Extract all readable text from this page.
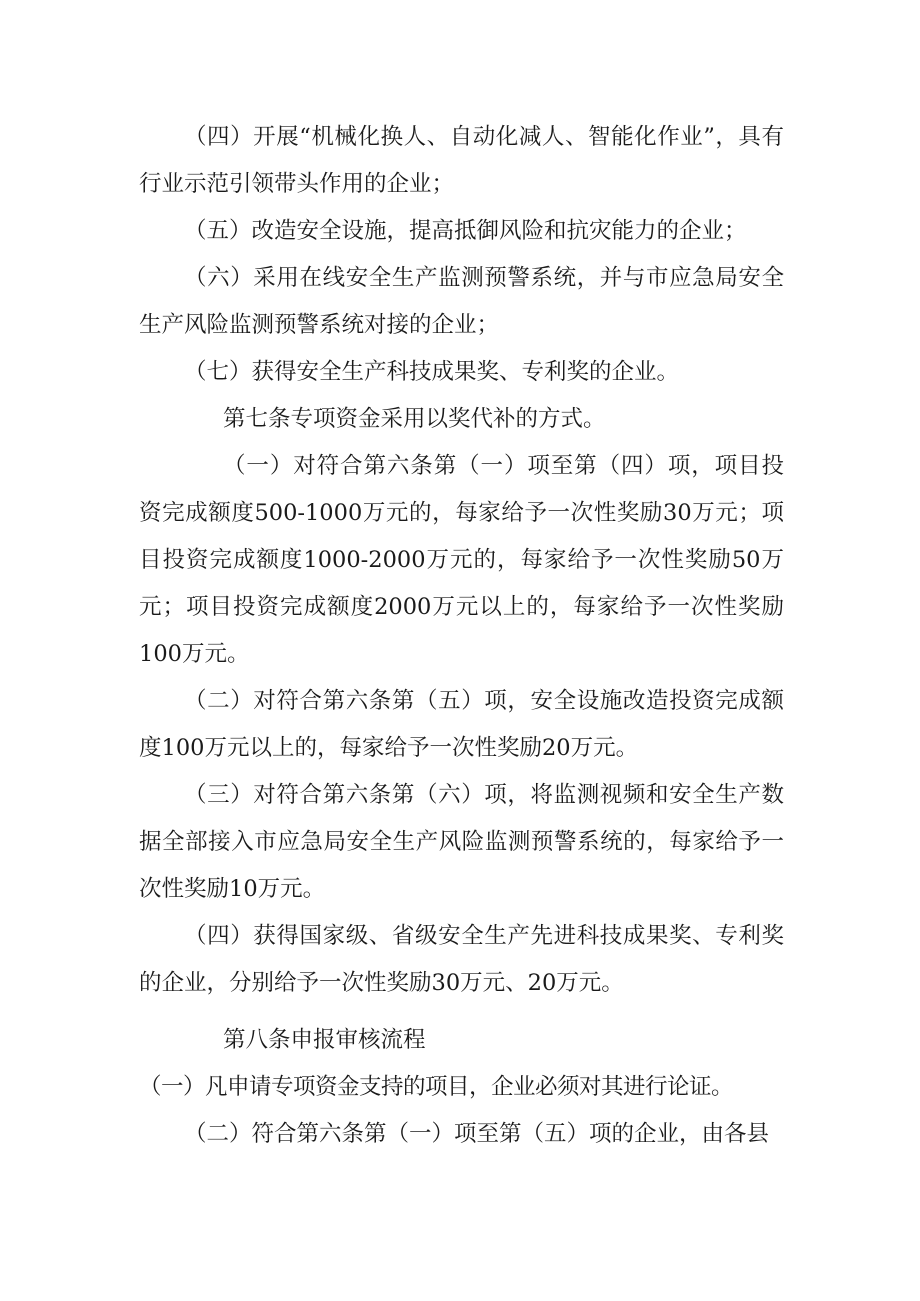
（四）开展“机械化换人、自动化减人、智能化作业”，具有行业示范引领带头作用的企业；

（五）改造安全设施，提高抵御风险和抗灾能力的企业；

（六）采用在线安全生产监测预警系统，并与市应急局安全生产风险监测预警系统对接的企业；

（七）获得安全生产科技成果奖、专利奖的企业。

第七条专项资金采用以奖代补的方式。

（一）对符合第六条第（一）项至第（四）项，项目投资完成额度500-1000万元的，每家给予一次性奖励30万元；项目投资完成额度1000-2000万元的，每家给予一次性奖励50万元；项目投资完成额度2000万元以上的，每家给予一次性奖励100万元。

（二）对符合第六条第（五）项，安全设施改造投资完成额度100万元以上的，每家给予一次性奖励20万元。

（三）对符合第六条第（六）项，将监测视频和安全生产数据全部接入市应急局安全生产风险监测预警系统的，每家给予一次性奖励10万元。

（四）获得国家级、省级安全生产先进科技成果奖、专利奖的企业，分别给予一次性奖励30万元、20万元。

第八条申报审核流程

（一）凡申请专项资金支持的项目，企业必须对其进行论证。

（二）符合第六条第（一）项至第（五）项的企业，由各县
